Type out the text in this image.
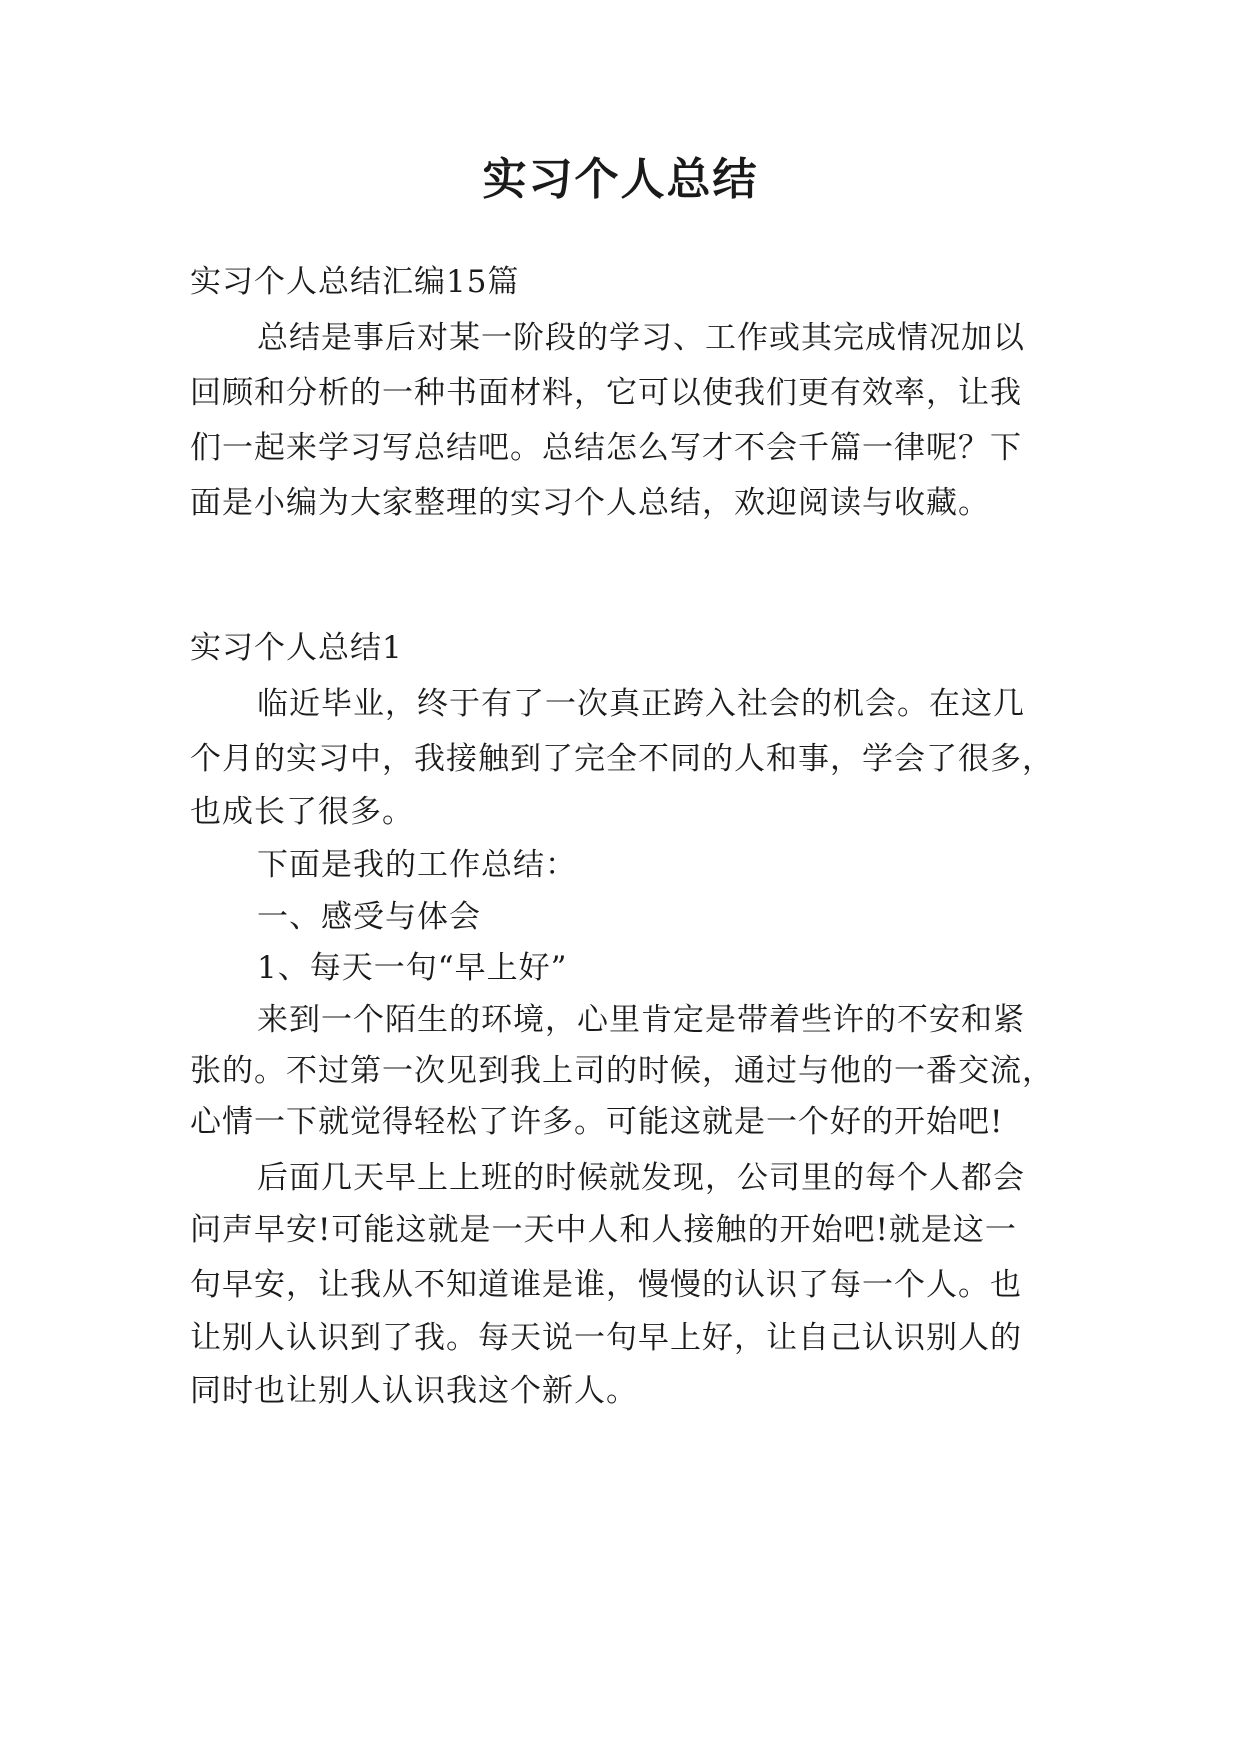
实习个人总结
实习个人总结汇编15篇
总结是事后对某一阶段的学习、工作或其完成情况加以
回顾和分析的一种书面材料，它可以使我们更有效率，让我
们一起来学习写总结吧。总结怎么写才不会千篇一律呢？下
面是小编为大家整理的实习个人总结，欢迎阅读与收藏。
实习个人总结1
临近毕业，终于有了一次真正跨入社会的机会。在这几
个月的实习中，我接触到了完全不同的人和事，学会了很多，
也成长了很多。
下面是我的工作总结：
一、感受与体会
1、每天一句“早上好”
来到一个陌生的环境，心里肯定是带着些许的不安和紧
张的。不过第一次见到我上司的时候，通过与他的一番交流，
心情一下就觉得轻松了许多。可能这就是一个好的开始吧!
后面几天早上上班的时候就发现，公司里的每个人都会
问声早安!可能这就是一天中人和人接触的开始吧!就是这一
句早安，让我从不知道谁是谁，慢慢的认识了每一个人。也
让别人认识到了我。每天说一句早上好，让自己认识别人的
同时也让别人认识我这个新人。
